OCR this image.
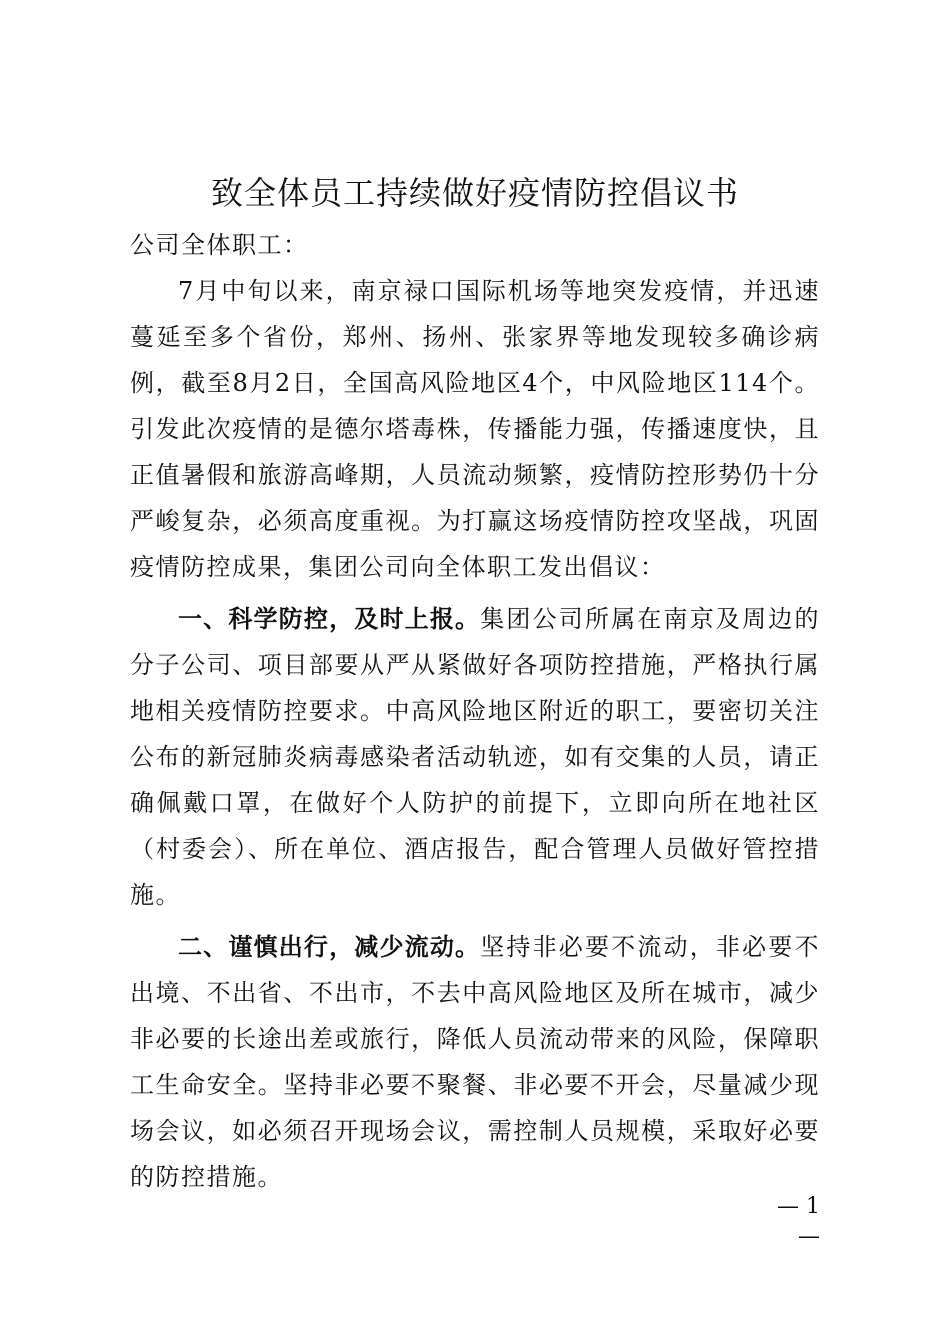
致全体员工持续做好疫情防控倡议书

公司全体职工：

7月中旬以来，南京禄口国际机场等地突发疫情，并迅速蔓延至多个省份，郑州、扬州、张家界等地发现较多确诊病例，截至8月2日，全国高风险地区4个，中风险地区114个。引发此次疫情的是德尔塔毒株，传播能力强，传播速度快，且正值暑假和旅游高峰期，人员流动频繁，疫情防控形势仍十分严峻复杂，必须高度重视。为打赢这场疫情防控攻坚战，巩固疫情防控成果，集团公司向全体职工发出倡议：

一、科学防控，及时上报。集团公司所属在南京及周边的分子公司、项目部要从严从紧做好各项防控措施，严格执行属地相关疫情防控要求。中高风险地区附近的职工，要密切关注公布的新冠肺炎病毒感染者活动轨迹，如有交集的人员，请正确佩戴口罩，在做好个人防护的前提下，立即向所在地社区（村委会）、所在单位、酒店报告，配合管理人员做好管控措施。

二、谨慎出行，减少流动。坚持非必要不流动，非必要不出境、不出省、不出市，不去中高风险地区及所在城市，减少非必要的长途出差或旅行，降低人员流动带来的风险，保障职工生命安全。坚持非必要不聚餐、非必要不开会，尽量减少现场会议，如必须召开现场会议，需控制人员规模，采取好必要的防控措施。

— 1 —
